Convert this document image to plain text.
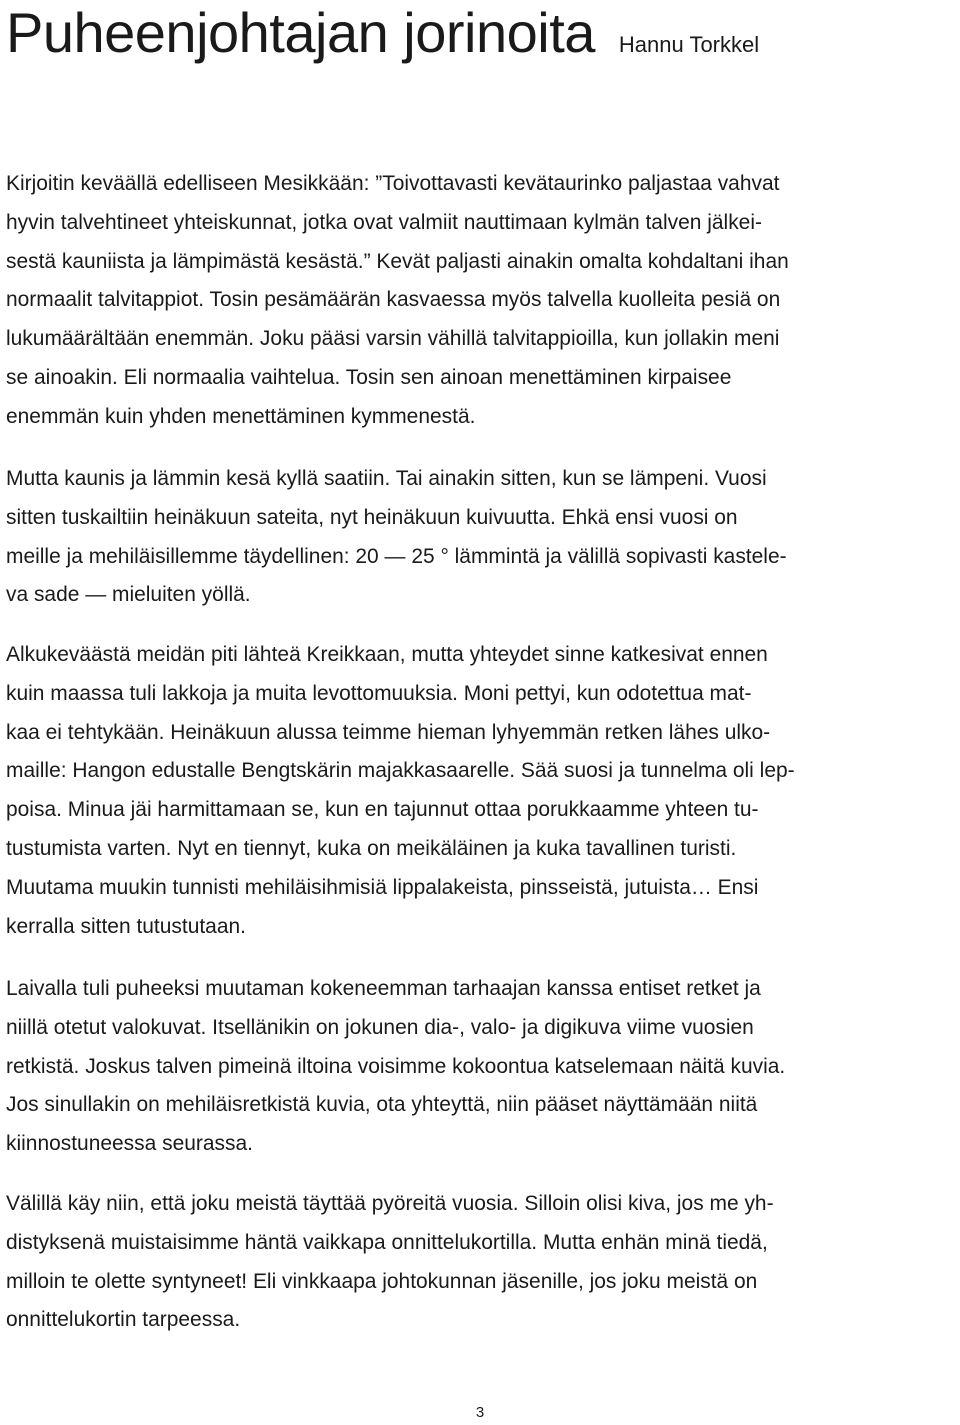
Puheenjohtajan jorinoita Hannu Torkkel

Kirjoitin keväällä edelliseen Mesikkään: ”Toivottavasti kevätaurinko paljastaa vahvat
hyvin talvehtineet yhteiskunnat, jotka ovat valmiit nauttimaan kylmän talven jälkei-
sestä kauniista ja lämpimästä kesästä.” Kevät paljasti ainakin omalta kohdaltani ihan
normaalit talvitappiot. Tosin pesämäärän kasvaessa myös talvella kuolleita pesiä on
lukumäärältään enemmän. Joku pääsi varsin vähillä talvitappioilla, kun jollakin meni
se ainoakin. Eli normaalia vaihtelua. Tosin sen ainoan menettäminen kirpaisee
enemmän kuin yhden menettäminen kymmenestä.

Mutta kaunis ja lämmin kesä kyllä saatiin. Tai ainakin sitten, kun se lämpeni. Vuosi
sitten tuskailtiin heinäkuun sateita, nyt heinäkuun kuivuutta. Ehkä ensi vuosi on
meille ja mehiläisillemme täydellinen: 20 — 25 ° lämmintä ja välillä sopivasti kastele-
va sade — mieluiten yöllä.

Alkukeväästä meidän piti lähteä Kreikkaan, mutta yhteydet sinne katkesivat ennen
kuin maassa tuli lakkoja ja muita levottomuuksia. Moni pettyi, kun odotettua mat-
kaa ei tehtykään. Heinäkuun alussa teimme hieman lyhyemmän retken lähes ulko-
maille: Hangon edustalle Bengtskärin majakkasaarelle. Sää suosi ja tunnelma oli lep-
poisa. Minua jäi harmittamaan se, kun en tajunnut ottaa porukkaamme yhteen tu-
tustumista varten. Nyt en tiennyt, kuka on meikäläinen ja kuka tavallinen turisti.
Muutama muukin tunnisti mehiläisihmisiä lippalakeista, pinsseistä, jutuista… Ensi
kerralla sitten tutustutaan.

Laivalla tuli puheeksi muutaman kokeneemman tarhaajan kanssa entiset retket ja
niillä otetut valokuvat. Itsellänikin on jokunen dia-, valo- ja digikuva viime vuosien
retkistä. Joskus talven pimeinä iltoina voisimme kokoontua katselemaan näitä kuvia.
Jos sinullakin on mehiläisretkistä kuvia, ota yhteyttä, niin pääset näyttämään niitä
kiinnostuneessa seurassa.

Välillä käy niin, että joku meistä täyttää pyöreitä vuosia. Silloin olisi kiva, jos me yh-
distyksenä muistaisimme häntä vaikkapa onnittelukortilla. Mutta enhän minä tiedä,
milloin te olette syntyneet! Eli vinkkaapa johtokunnan jäsenille, jos joku meistä on
onnittelukortin tarpeessa.

3
